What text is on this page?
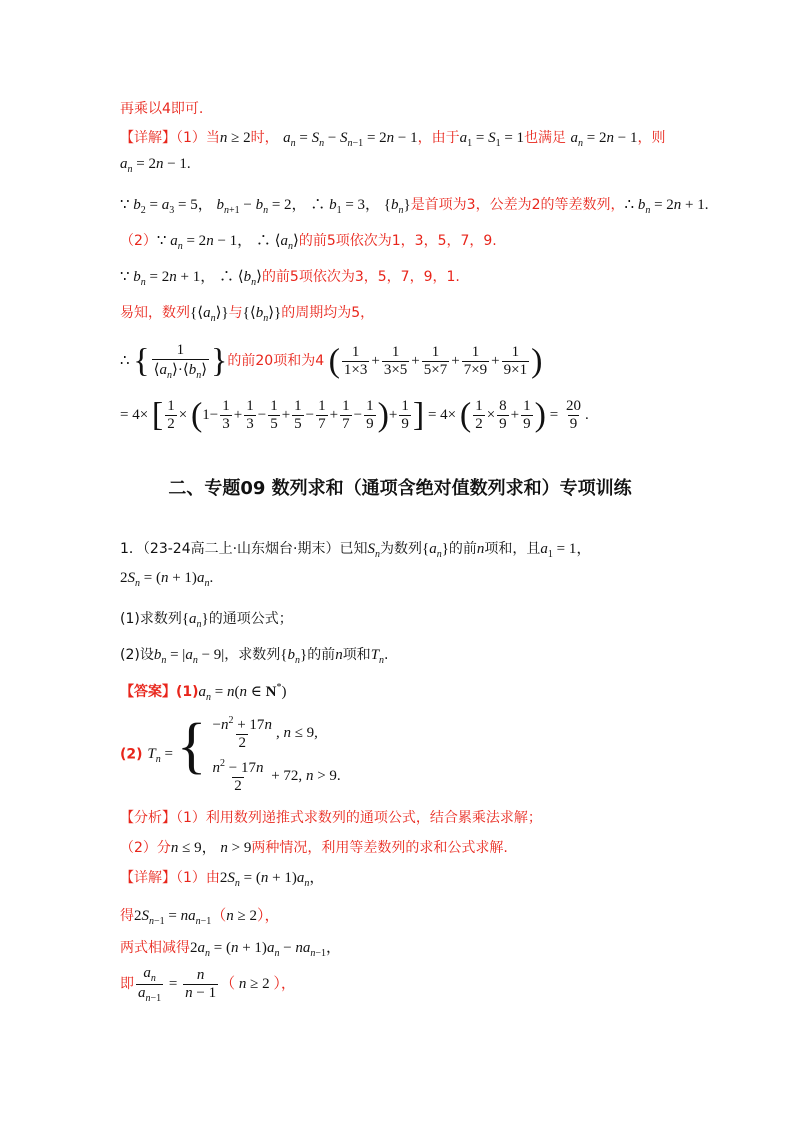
再乘以4即可.
【详解】（1）当n ≥ 2时， $a_n = S_n - S_{n-1} = 2n - 1$，由于$a_1 = S_1 = 1$也满足 $a_n = 2n - 1$，则
$a_n = 2n - 1$.
∵ $b_2 = a_3 = 5$， $b_{n+1} - b_n = 2$， ∴ $b_1 = 3$， $\{b_n\}$是首项为3，公差为2的等差数列，∴ $b_n = 2n + 1$.
（2）∵ $a_n = 2n - 1$， ∴ $⟨a_n⟩$的前5项依次为1，3，5，7，9.
∵ $b_n = 2n + 1$， ∴ $⟨b_n⟩$的前5项依次为3，5，7，9，1.
易知，数列$\{⟨a_n⟩\}$与$\{⟨b_n⟩\}$的周期均为5，
∴ { $\frac{1}{⟨a_n⟩\cdot⟨b_n⟩}$ }的前20项和为4 ( $\frac{1}{1\times 3} + \frac{1}{3\times 5} + \frac{1}{5\times 7} + \frac{1}{7\times 9} + \frac{1}{9\times 1}$ )
= 4× [ $\frac{1}{2} \times (1- \frac{1}{3} + \frac{1}{3} - \frac{1}{5} + \frac{1}{5} - \frac{1}{7} + \frac{1}{7} - \frac{1}{9}$ )+ $\frac{1}{9}$ ] = 4× ( $\frac{1}{2} \times \frac{8}{9} + \frac{1}{9}$ ) = $\frac{20}{9}$ .
二、专题09 数列求和（通项含绝对值数列求和）专项训练
1．（23-24高二上·山东烟台·期末）已知$S_n$为数列$\{a_n\}$的前n项和，且$a_1 = 1$，
$2S_n = (n + 1)a_n$.
(1)求数列$\{a_n\}$的通项公式；
(2)设$b_n = |a_n - 9|$，求数列$\{b_n\}$的前n项和$T_n$.
【答案】$(1)a_n = n(n$ ∈ N*)
(2) $T_n$ = { $\frac{-n^2 + 17n}{2}$ , n ≤ 9,
$\frac{n^2 - 17n}{2} + 72$, n > 9.
【分析】（1）利用数列递推式求数列的通项公式，结合累乘法求解；
（2）分n ≤ 9， n > 9两种情况，利用等差数列的求和公式求解.
【详解】（1）由$2S_n = (n + 1)a_n$，
得$2S_{n-1} = na_{n-1}(n \ge 2)$，
两式相减得$2a_n = (n + 1)a_n - na_{n-1}$，
即 $\frac{a_n}{a_{n-1}} = \frac{n}{n - 1}$ （ n ≥ 2 ），
